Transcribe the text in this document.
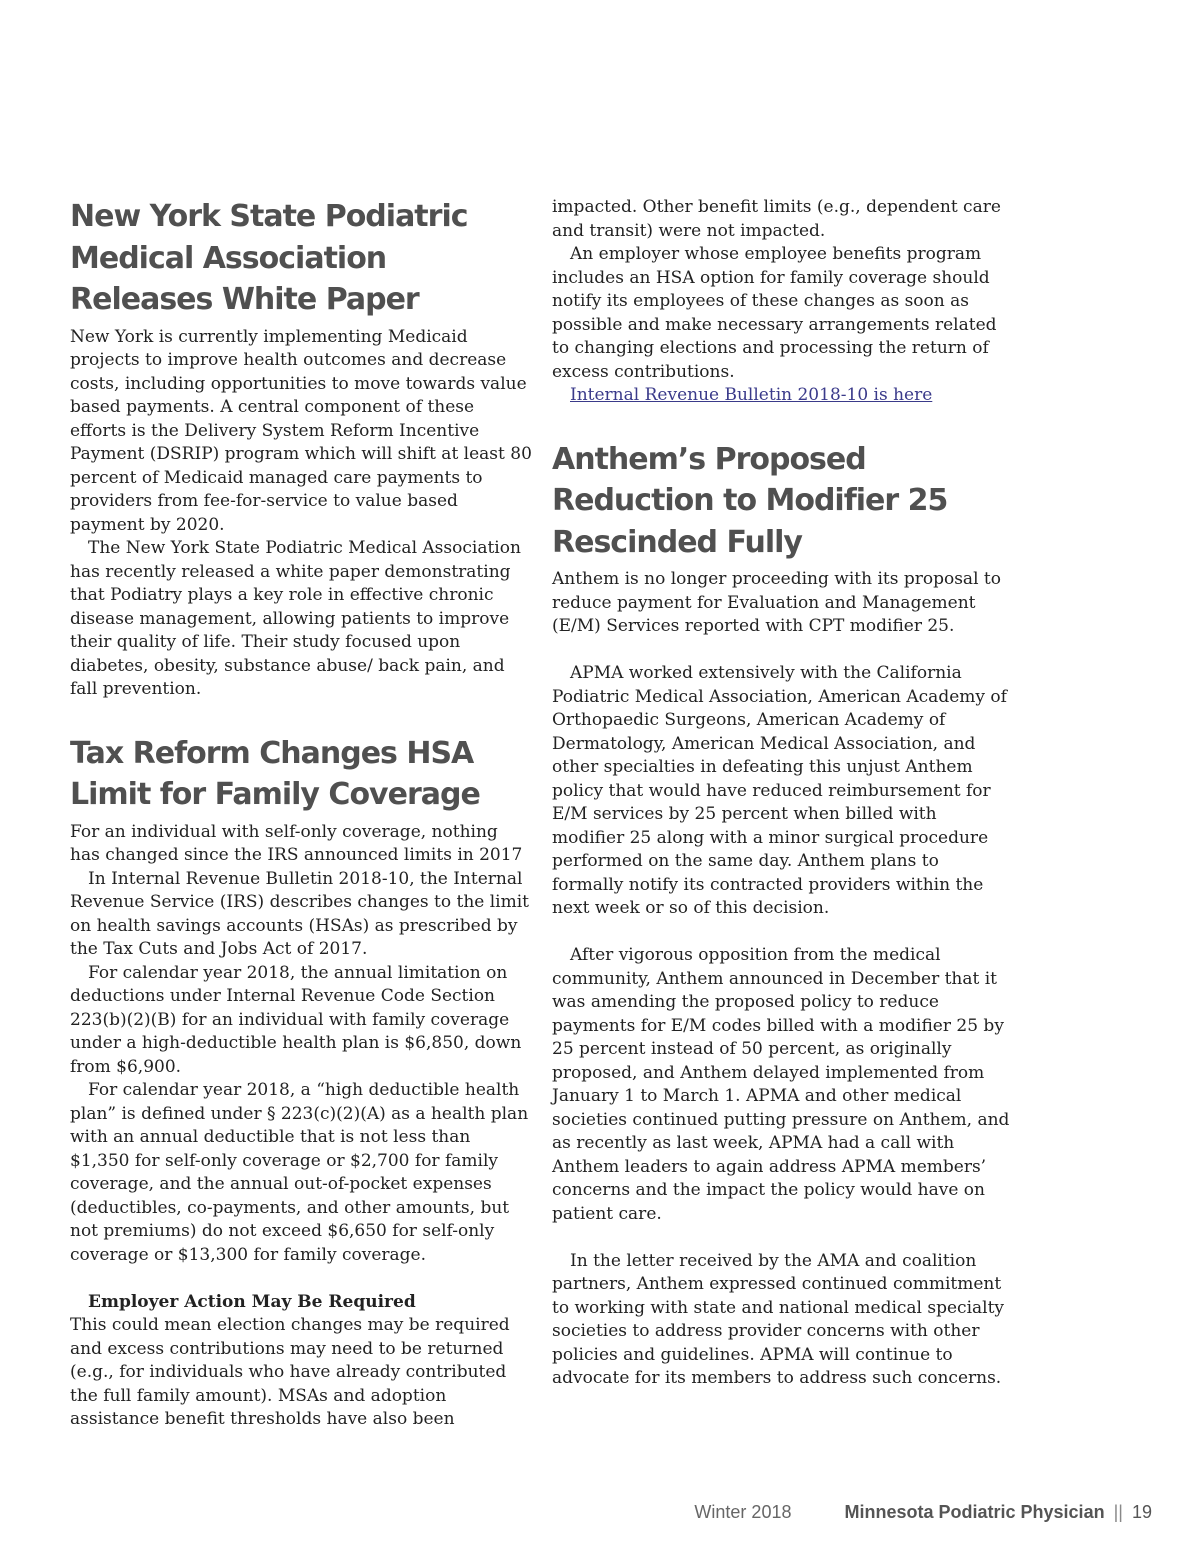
New York State Podiatric Medical Association Releases White Paper

New York is currently implementing Medicaid projects to improve health outcomes and decrease costs, including opportunities to move towards value based payments. A central component of these efforts is the Delivery System Reform Incentive Payment (DSRIP) program which will shift at least 80 percent of Medicaid managed care payments to providers from fee-for-service to value based payment by 2020.

The New York State Podiatric Medical Association has recently released a white paper demonstrating that Podiatry plays a key role in effective chronic disease management, allowing patients to improve their quality of life. Their study focused upon diabetes, obesity, substance abuse/ back pain, and fall prevention.

Tax Reform Changes HSA Limit for Family Coverage

For an individual with self-only coverage, nothing has changed since the IRS announced limits in 2017

In Internal Revenue Bulletin 2018-10, the Internal Revenue Service (IRS) describes changes to the limit on health savings accounts (HSAs) as prescribed by the Tax Cuts and Jobs Act of 2017.

For calendar year 2018, the annual limitation on deductions under Internal Revenue Code Section 223(b)(2)(B) for an individual with family coverage under a high-deductible health plan is $6,850, down from $6,900.

For calendar year 2018, a “high deductible health plan” is defined under § 223(c)(2)(A) as a health plan with an annual deductible that is not less than $1,350 for self-only coverage or $2,700 for family coverage, and the annual out-of-pocket expenses (deductibles, co-payments, and other amounts, but not premiums) do not exceed $6,650 for self-only coverage or $13,300 for family coverage.

Employer Action May Be Required

This could mean election changes may be required and excess contributions may need to be returned (e.g., for individuals who have already contributed the full family amount). MSAs and adoption assistance benefit thresholds have also been

impacted. Other benefit limits (e.g., dependent care and transit) were not impacted.

An employer whose employee benefits program includes an HSA option for family coverage should notify its employees of these changes as soon as possible and make necessary arrangements related to changing elections and processing the return of excess contributions.

Internal Revenue Bulletin 2018-10 is here

Anthem’s Proposed Reduction to Modifier 25 Rescinded Fully

Anthem is no longer proceeding with its proposal to reduce payment for Evaluation and Management (E/M) Services reported with CPT modifier 25.

APMA worked extensively with the California Podiatric Medical Association, American Academy of Orthopaedic Surgeons, American Academy of Dermatology, American Medical Association, and other specialties in defeating this unjust Anthem policy that would have reduced reimbursement for E/M services by 25 percent when billed with modifier 25 along with a minor surgical procedure performed on the same day. Anthem plans to formally notify its contracted providers within the next week or so of this decision.

After vigorous opposition from the medical community, Anthem announced in December that it was amending the proposed policy to reduce payments for E/M codes billed with a modifier 25 by 25 percent instead of 50 percent, as originally proposed, and Anthem delayed implemented from January 1 to March 1. APMA and other medical societies continued putting pressure on Anthem, and as recently as last week, APMA had a call with Anthem leaders to again address APMA members’ concerns and the impact the policy would have on patient care.

In the letter received by the AMA and coalition partners, Anthem expressed continued commitment to working with state and national medical specialty societies to address provider concerns with other policies and guidelines. APMA will continue to advocate for its members to address such concerns.

Winter 2018	Minnesota Podiatric Physician || 19
